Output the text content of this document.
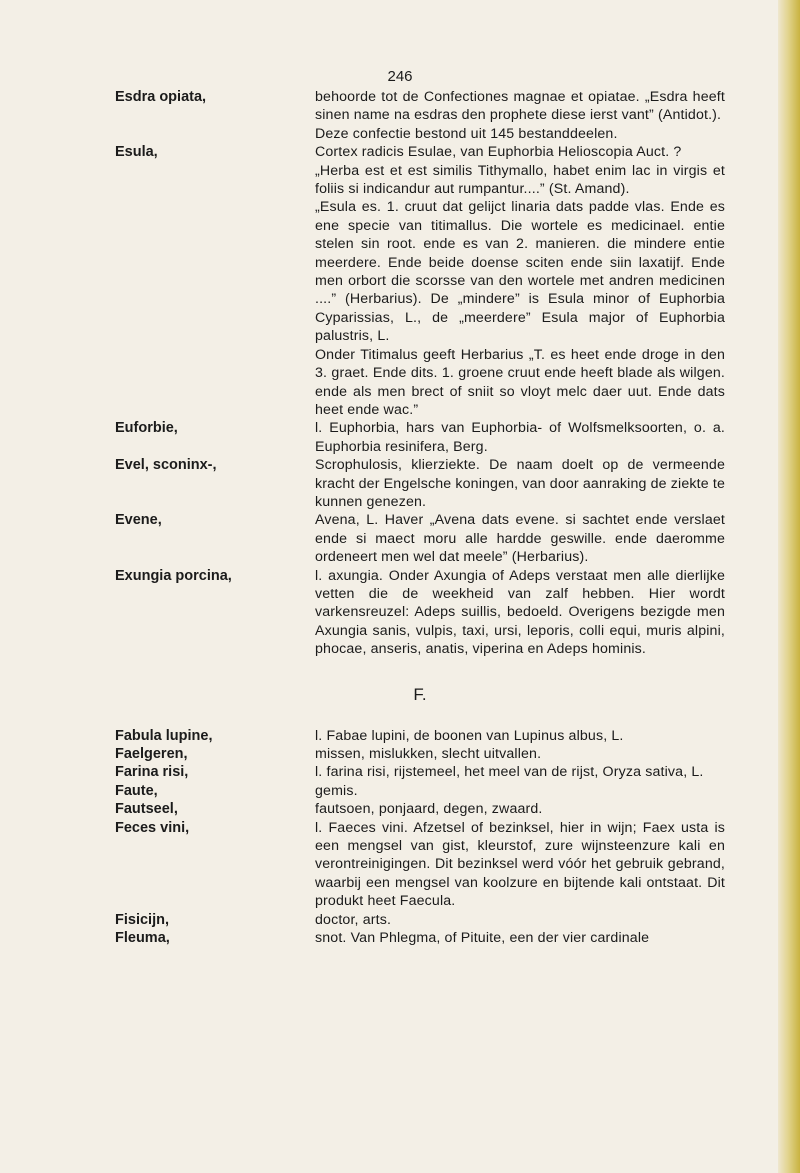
246
Esdra opiata,	behoorde tot de Confectiones magnae et opiatae. „Esdra heeft sinen name na esdras den prophete diese ierst vant” (Antidot.).

Deze confectie bestond uit 145 bestanddeelen.

Esula,	Cortex radicis Esulae, van Euphorbia Helioscopia Auct. ?

„Herba est et est similis Tithymallo, habet enim lac in virgis et foliis si indicandur aut rumpantur....” (St. Amand).

„Esula es. 1. cruut dat gelijct linaria dats padde vlas. Ende es ene specie van titimallus. Die wortele es medicinael. entie stelen sin root. ende es van 2. manieren. die mindere entie meerdere. Ende beide doense sciten ende siin laxatijf. Ende men orbort die scorsse van den wortele met andren medicinen ....” (Herbarius). De „mindere” is Esula minor of Euphorbia Cyparissias, L., de „meerdere” Esula major of Euphorbia palustris, L.

Onder Titimalus geeft Herbarius „T. es heet ende droge in den 3. graet. Ende dits. 1. groene cruut ende heeft blade als wilgen. ende als men brect of sniit so vloyt melc daer uut. Ende dats heet ende wac.”

Euforbie,	l. Euphorbia, hars van Euphorbia- of Wolfsmelksoorten, o. a. Euphorbia resinifera, Berg.

Evel, sconinx-,	Scrophulosis, klierziekte. De naam doelt op de vermeende kracht der Engelsche koningen, van door aanraking de ziekte te kunnen genezen.

Evene,	Avena, L. Haver „Avena dats evene. si sachtet ende verslaet ende si maect moru alle hardde geswille. ende daeromme ordeneert men wel dat meele” (Herbarius).

Exungia porcina,	l. axungia. Onder Axungia of Adeps verstaat men alle dierlijke vetten die de weekheid van zalf hebben. Hier wordt varkensreuzel: Adeps suillis, bedoeld. Overigens bezigde men Axungia sanis, vulpis, taxi, ursi, leporis, colli equi, muris alpini, phocae, anseris, anatis, viperina en Adeps hominis.

F.
Fabula lupine,	l. Fabae lupini, de boonen van Lupinus albus, L.

Faelgeren,	missen, mislukken, slecht uitvallen.

Farina risi,	l. farina risi, rijstemeel, het meel van de rijst, Oryza sativa, L.

Faute,	gemis.

Fautseel,	fautsoen, ponjaard, degen, zwaard.

Feces vini,	l. Faeces vini. Afzetsel of bezinksel, hier in wijn; Faex usta is een mengsel van gist, kleurstof, zure wijnsteenzure kali en verontreinigingen. Dit bezinksel werd vóór het gebruik gebrand, waarbij een mengsel van koolzure en bijtende kali ontstaat. Dit produkt heet Faecula.

Fisicijn,	doctor, arts.

Fleuma,	snot. Van Phlegma, of Pituite, een der vier cardinale
